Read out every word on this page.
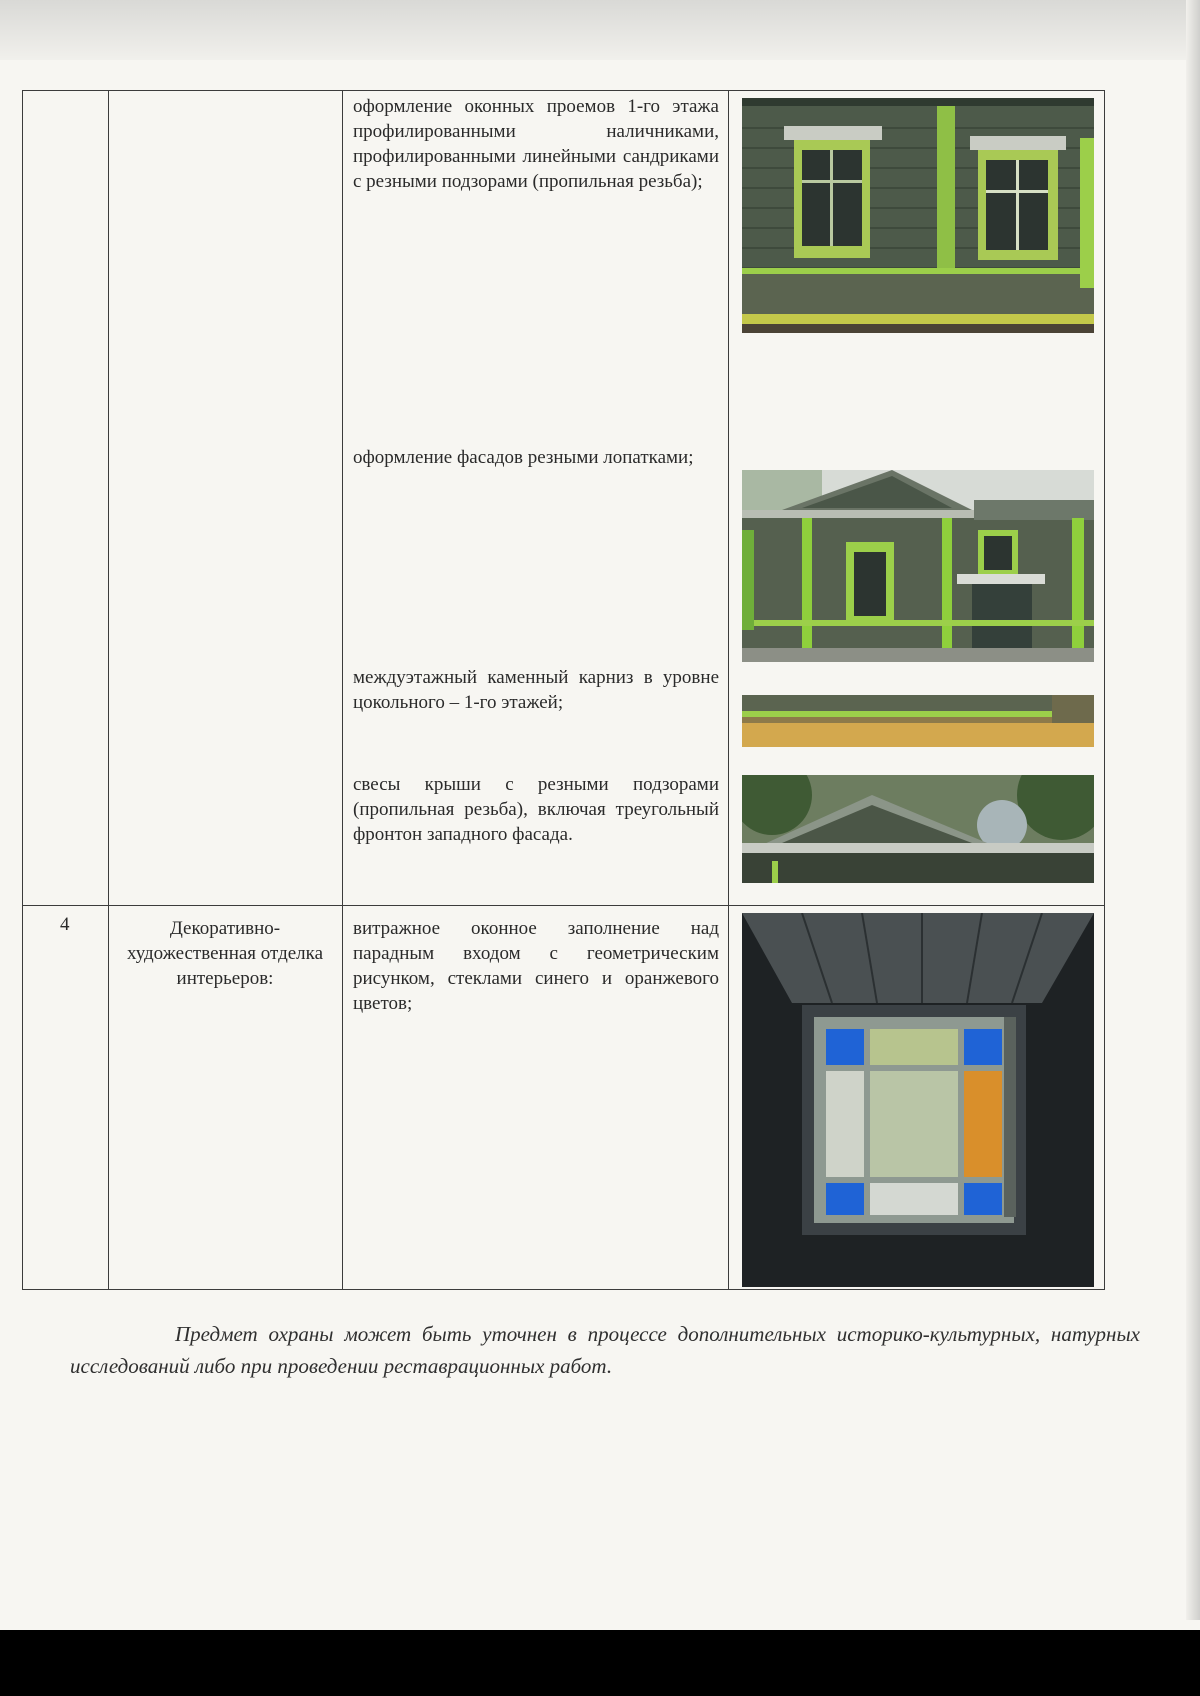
оформление оконных проемов 1-го этажа профилированными наличниками, профилированными линейными сандриками с резными подзорами (пропильная резьба);
оформление фасадов резными лопатками;
междуэтажный каменный карниз в уровне цокольного – 1-го этажей;
свесы крыши с резными подзорами (пропильная резьба), включая треугольный фронтон западного фасада.
4	Декоративно-художественная отделка интерьеров:
витражное оконное заполнение над парадным входом с геометрическим рисунком, стеклами синего и оранжевого цветов;
Предмет охраны может быть уточнен в процессе дополнительных историко-культурных, натурных исследований либо при проведении реставрационных работ.
